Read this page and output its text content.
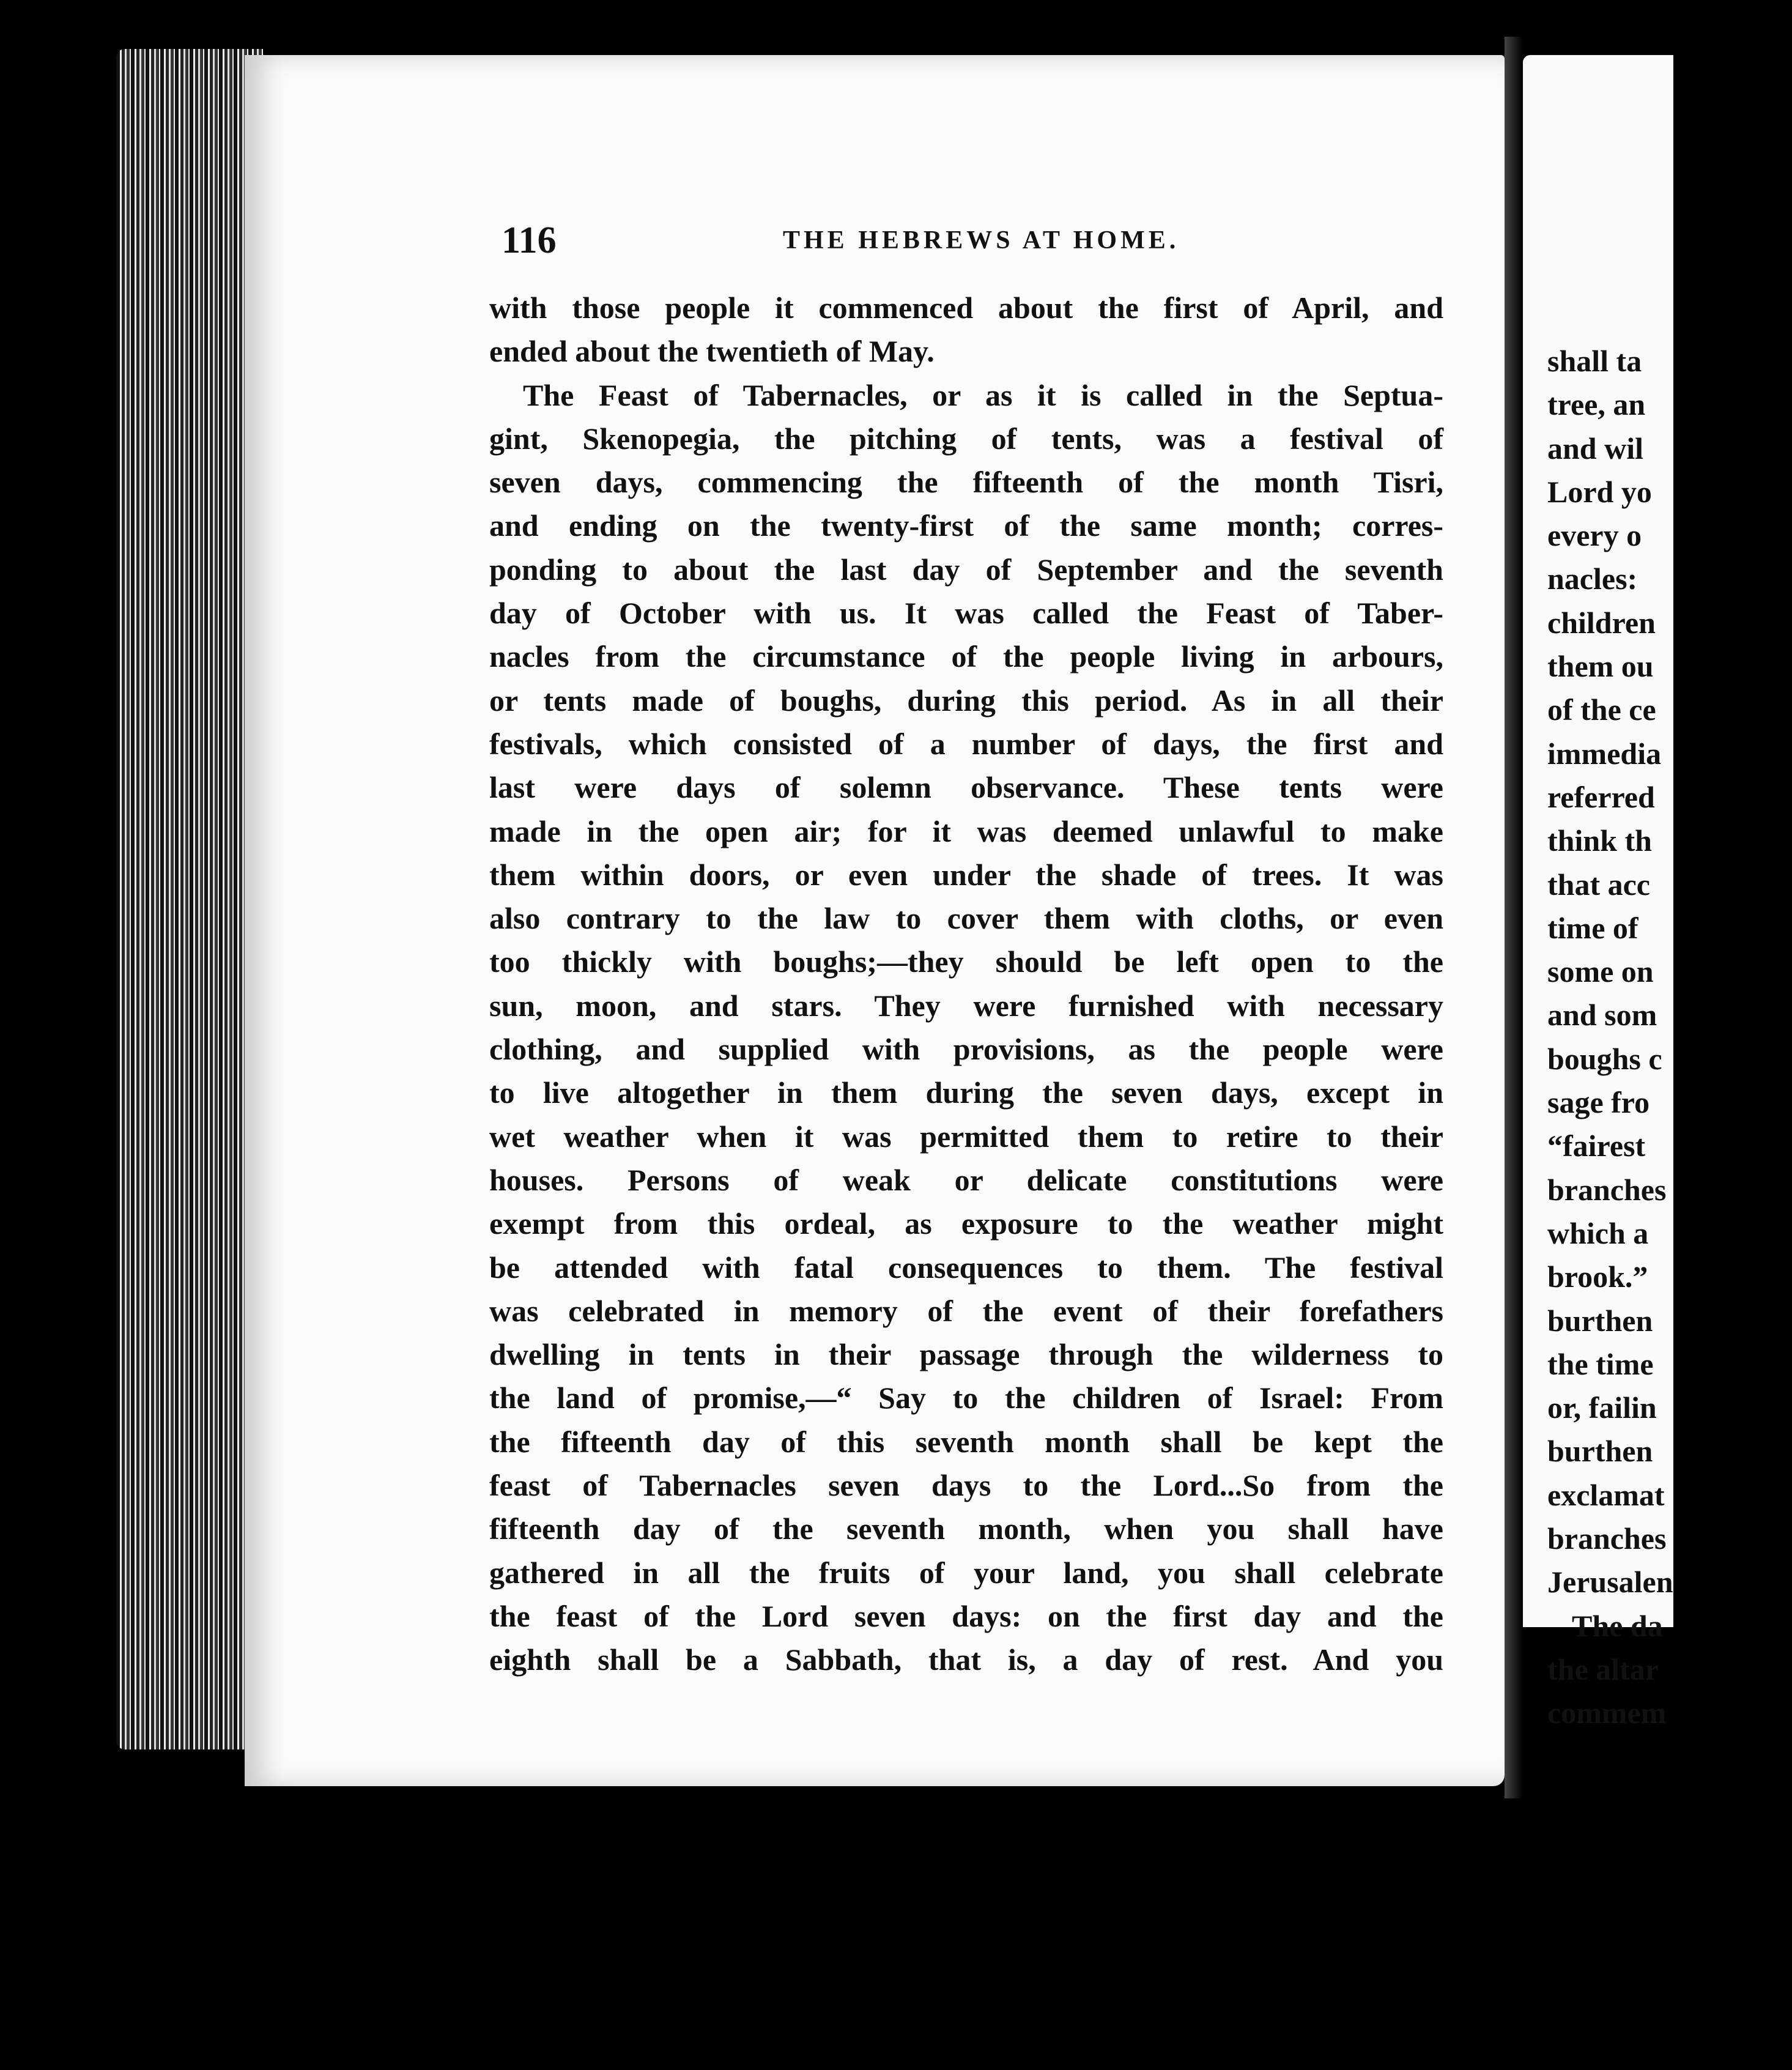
shall ta
tree, an
and wil
Lord yo
every o
nacles:
children
them ou
of the ce
immedia
referred
think th
that acc
time of
some on
and som
boughs c
sage fro
“fairest
branches
which a
brook.”
burthen
the time
or, failin
burthen
exclamat
branches
Jerusalen
The da
the altar
commem
116	THE HEBREWS AT HOME.
with those people it commenced about the first of April, and
ended about the twentieth of May.
The Feast of Tabernacles, or as it is called in the Septua-
gint, Skenopegia, the pitching of tents, was a festival of
seven days, commencing the fifteenth of the month Tisri,
and ending on the twenty-first of the same month; corres-
ponding to about the last day of September and the seventh
day of October with us. It was called the Feast of Taber-
nacles from the circumstance of the people living in arbours,
or tents made of boughs, during this period. As in all their
festivals, which consisted of a number of days, the first and
last were days of solemn observance. These tents were
made in the open air; for it was deemed unlawful to make
them within doors, or even under the shade of trees. It was
also contrary to the law to cover them with cloths, or even
too thickly with boughs;—they should be left open to the
sun, moon, and stars. They were furnished with necessary
clothing, and supplied with provisions, as the people were
to live altogether in them during the seven days, except in
wet weather when it was permitted them to retire to their
houses. Persons of weak or delicate constitutions were
exempt from this ordeal, as exposure to the weather might
be attended with fatal consequences to them. The festival
was celebrated in memory of the event of their forefathers
dwelling in tents in their passage through the wilderness to
the land of promise,—“ Say to the children of Israel: From
the fifteenth day of this seventh month shall be kept the
feast of Tabernacles seven days to the Lord...So from the
fifteenth day of the seventh month, when you shall have
gathered in all the fruits of your land, you shall celebrate
the feast of the Lord seven days: on the first day and the
eighth shall be a Sabbath, that is, a day of rest. And you
